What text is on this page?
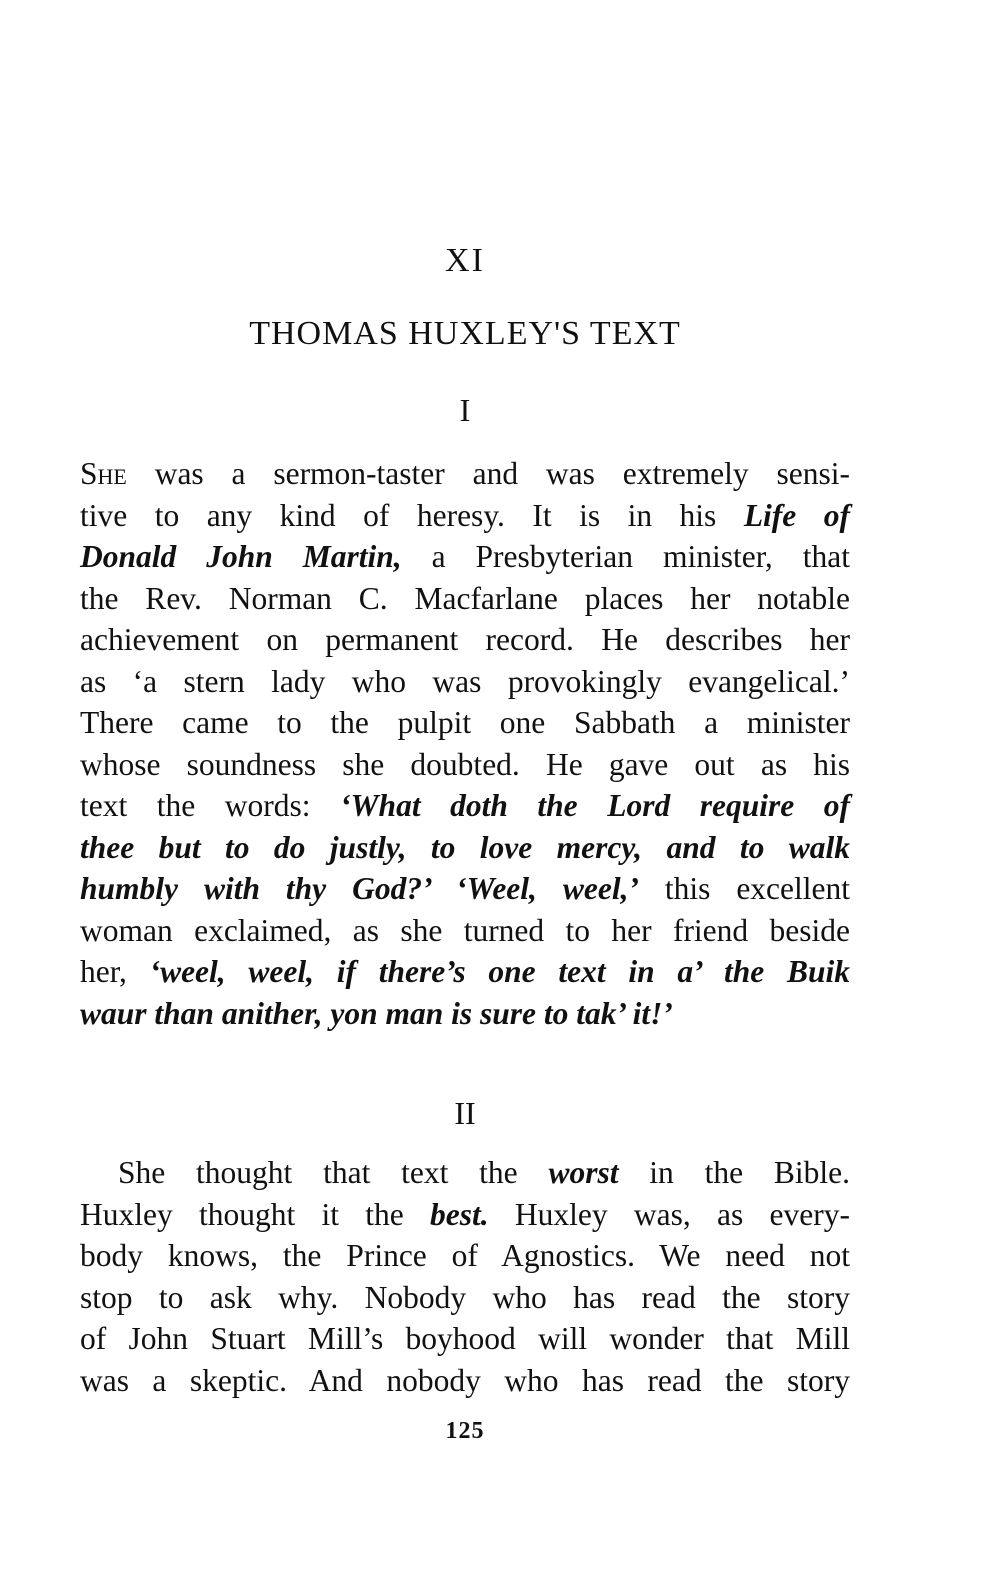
XI
THOMAS HUXLEY'S TEXT
I

She was a sermon-taster and was extremely sensi-
tive to any kind of heresy. It is in his Life of
Donald John Martin, a Presbyterian minister, that
the Rev. Norman C. Macfarlane places her notable
achievement on permanent record. He describes her
as ‘a stern lady who was provokingly evangelical.’
There came to the pulpit one Sabbath a minister
whose soundness she doubted. He gave out as his
text the words: ‘What doth the Lord require of
thee but to do justly, to love mercy, and to walk
humbly with thy God?’ ‘Weel, weel,’ this excellent
woman exclaimed, as she turned to her friend beside
her, ‘weel, weel, if there’s one text in a’ the Buik
waur than anither, yon man is sure to tak’ it!’

II

She thought that text the worst in the Bible.
Huxley thought it the best. Huxley was, as every-
body knows, the Prince of Agnostics. We need not
stop to ask why. Nobody who has read the story
of John Stuart Mill’s boyhood will wonder that Mill
was a skeptic. And nobody who has read the story

125
